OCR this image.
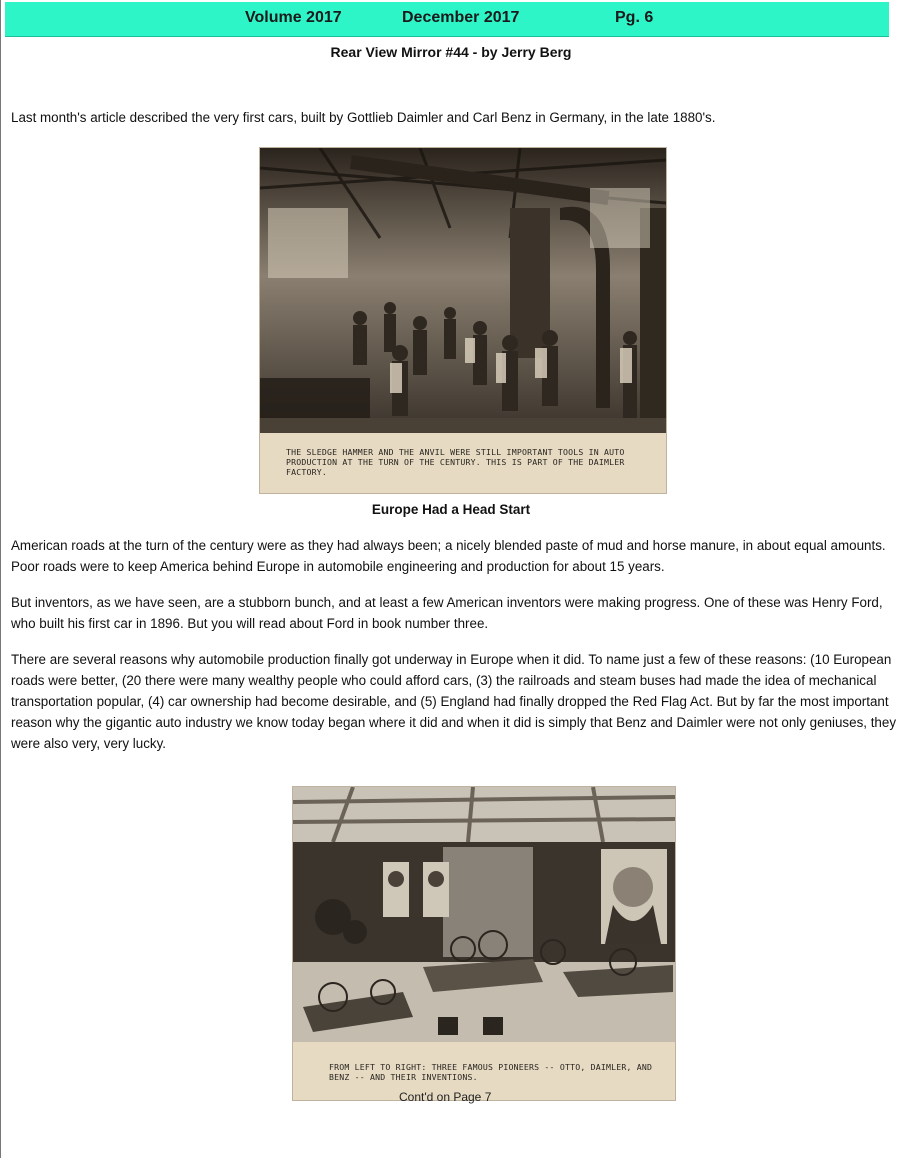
Volume 2017	December 2017	Pg. 6
Rear View Mirror #44 - by Jerry Berg
Last month's article described the very first cars, built by Gottlieb Daimler and Carl Benz in Germany, in the late 1880's.
THE SLEDGE HAMMER AND THE ANVIL WERE STILL IMPORTANT TOOLS IN AUTO PRODUCTION AT THE TURN OF THE CENTURY. THIS IS PART OF THE DAIMLER FACTORY.
Europe Had a Head Start
American roads at the turn of the century were as they had always been; a nicely blended paste of mud and horse manure, in about equal amounts. Poor roads were to keep America behind Europe in automobile engineering and production for about 15 years.
But inventors, as we have seen, are a stubborn bunch, and at least a few American inventors were making progress. One of these was Henry Ford, who built his first car in 1896. But you will read about Ford in book number three.
There are several reasons why automobile production finally got underway in Europe when it did. To name just a few of these reasons: (10 European roads were better, (20 there were many wealthy people who could afford cars, (3) the railroads and steam buses had made the idea of mechanical transportation popular, (4) car ownership had become desirable, and (5) England had finally dropped the Red Flag Act. But by far the most important reason why the gigantic auto industry we know today began where it did and when it did is simply that Benz and Daimler were not only geniuses, they were also very, very lucky.
FROM LEFT TO RIGHT: THREE FAMOUS PIONEERS -- OTTO, DAIMLER, AND BENZ -- AND THEIR INVENTIONS.
Cont'd on Page 7
